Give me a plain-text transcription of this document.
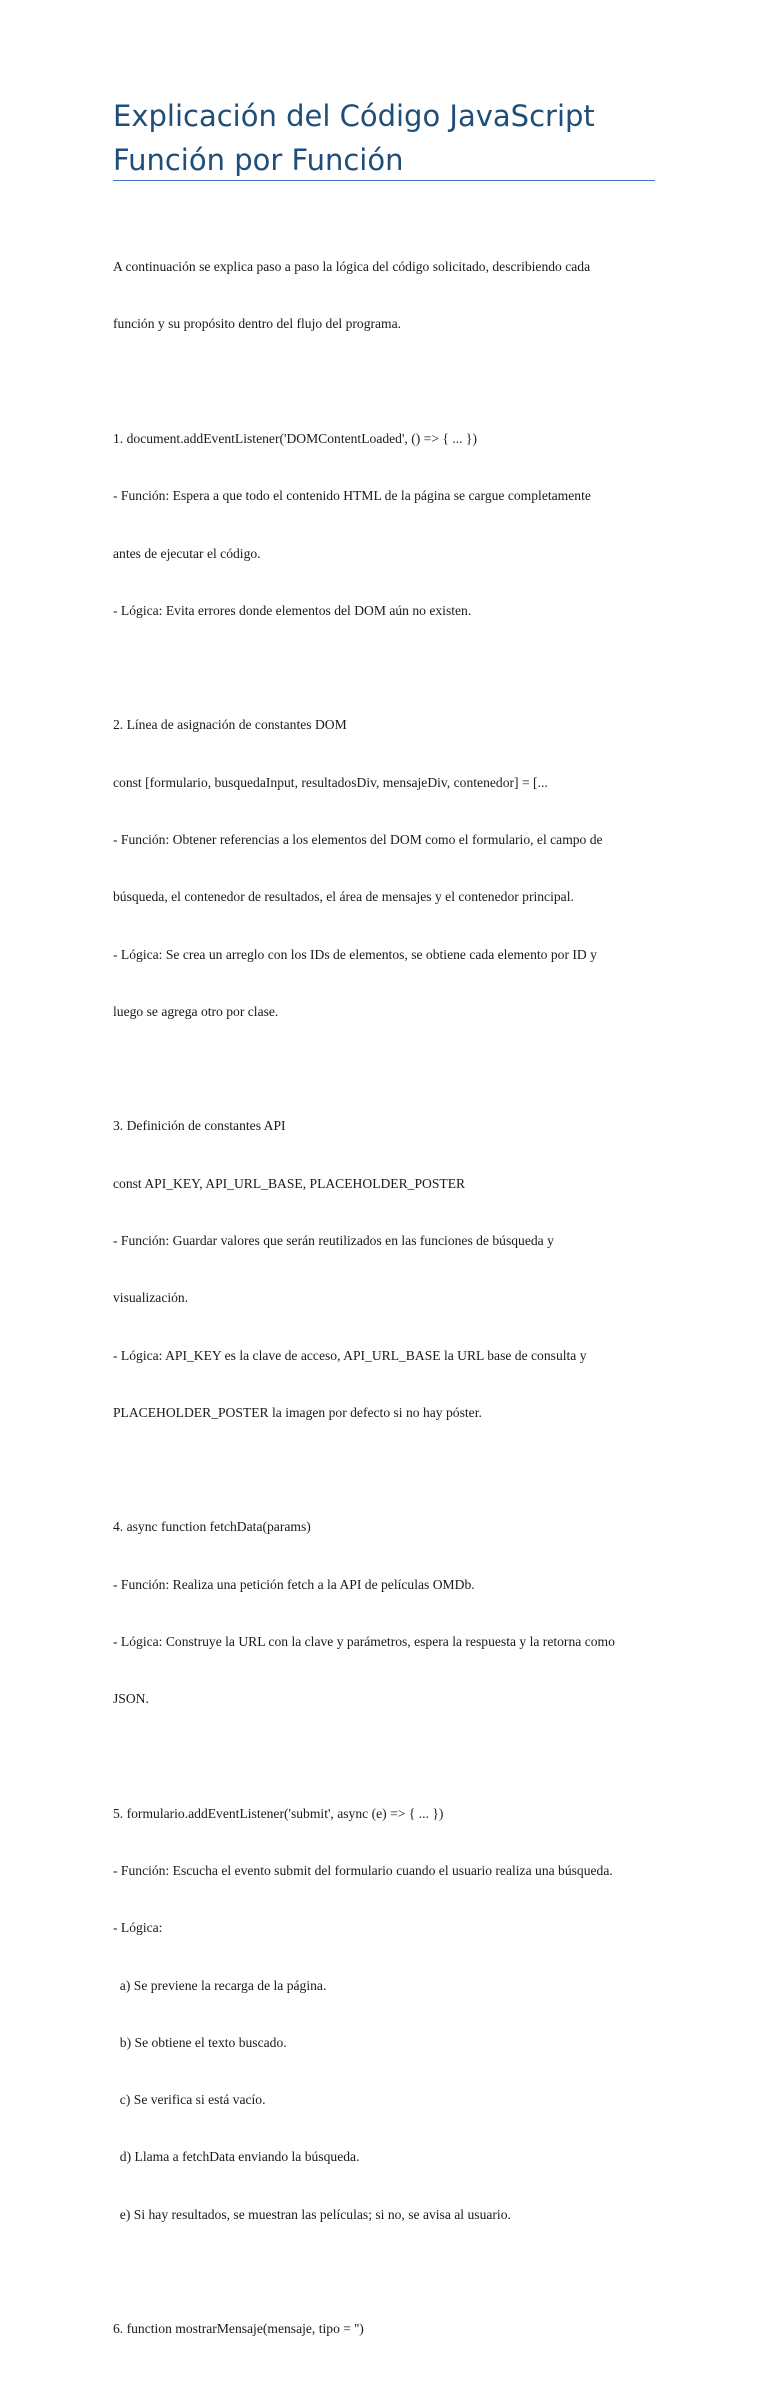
Explicación del Código JavaScript
Función por Función

A continuación se explica paso a paso la lógica del código solicitado, describiendo cada

función y su propósito dentro del flujo del programa.

1. document.addEventListener('DOMContentLoaded', () => { ... })

- Función: Espera a que todo el contenido HTML de la página se cargue completamente

antes de ejecutar el código.

- Lógica: Evita errores donde elementos del DOM aún no existen.

2. Línea de asignación de constantes DOM

const [formulario, busquedaInput, resultadosDiv, mensajeDiv, contenedor] = [...

- Función: Obtener referencias a los elementos del DOM como el formulario, el campo de

búsqueda, el contenedor de resultados, el área de mensajes y el contenedor principal.

- Lógica: Se crea un arreglo con los IDs de elementos, se obtiene cada elemento por ID y

luego se agrega otro por clase.

3. Definición de constantes API

const API_KEY, API_URL_BASE, PLACEHOLDER_POSTER

- Función: Guardar valores que serán reutilizados en las funciones de búsqueda y

visualización.

- Lógica: API_KEY es la clave de acceso, API_URL_BASE la URL base de consulta y

PLACEHOLDER_POSTER la imagen por defecto si no hay póster.

4. async function fetchData(params)

- Función: Realiza una petición fetch a la API de películas OMDb.

- Lógica: Construye la URL con la clave y parámetros, espera la respuesta y la retorna como

JSON.

5. formulario.addEventListener('submit', async (e) => { ... })

- Función: Escucha el evento submit del formulario cuando el usuario realiza una búsqueda.

- Lógica:

a) Se previene la recarga de la página.

b) Se obtiene el texto buscado.

c) Se verifica si está vacío.

d) Llama a fetchData enviando la búsqueda.

e) Si hay resultados, se muestran las películas; si no, se avisa al usuario.

6. function mostrarMensaje(mensaje, tipo = '')
